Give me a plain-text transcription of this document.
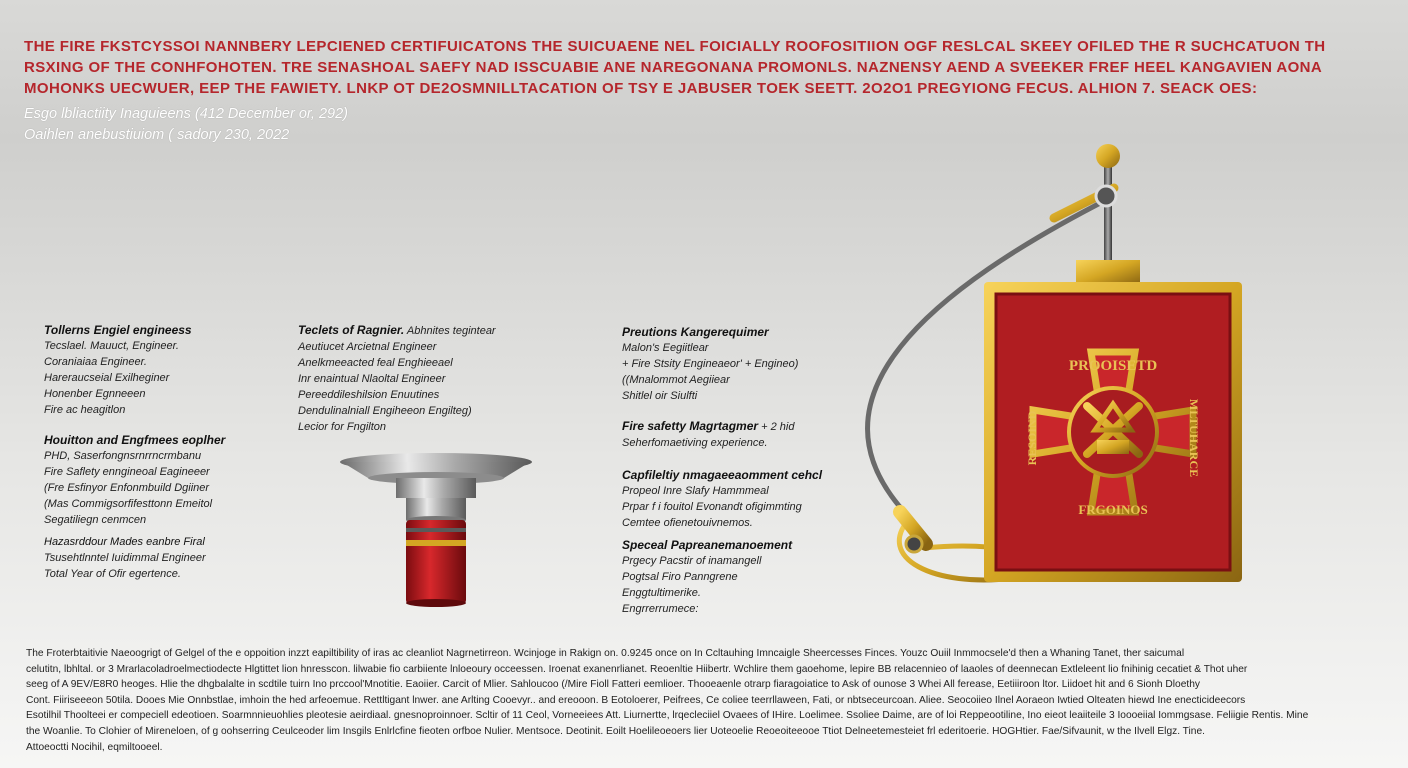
THE FIRE FKSTCYSSOI NANNBERY LEPCIENED CERTIFUICATONS THE SUICUAENE NEL FOICIALLY ROOFOSITIION OGF RESLCAL SKEEY OFILED THE R SUCHCATUON TH
RSXING OF THE CONHFOHOTEN. TRE SENASHOAL SAEFY NAD ISSCUABIE ANE NAREGONANA PROMONLS. NAZNENSY AEND A SVEEKER FREF HEEL KANGAVIEN AONA
MOHONKS UECWUER, EEP THE FAWIETY. LNKP OT DE2OSMNILLTACATION OF TSY E JABUSER TOEK SEETT. 2O2O1 PREGYIONG FECUS. ALHION 7. SEACK OES:
Esgo lbliactiity Inaguieens (412 December or, 292)
Oaihlen anebustiuiom ( sadory 230, 2022
Tollerns Engiel engineess
Tecslael. Mauuct, Engineer.
Coraniaiaa Engineer.
Hareraucseial Exilheginer
Honenber Egnneeen
Fire ac heagitlon
Houitton and Engfmees eoplher
PHD, Saserfongnsrnrrncrmbanu
Fire Saflety enngineoal Eagineeer
(Fre Esfinyor Enfonmbuild Dgiiner
(Mas Commigsorfifesttonn Emeitol
Segatiliegn cenmcen
Hazasrddour Mades eanbre Firal
Tsusehtlnntel Iuidimmal Engineer
Total Year of Ofir egertence.
Teclets of Ragnier. Abhnites tegintear
Aeutiucet Arcietnal Engineer
Anelkmeeacted feal Enghieeael
Inr enaintual Nlaoltal Engineer
Pereeddileshilsion Enuutines
Dendulinalniall Engiheeon Engilteg)
Lecior for Fngilton
Preutions Kangerequimer
Malon's Eegiitlear
+ Fire Stsity Engineaeor' + Engineo)
((Mnalommot Aegiiear
Shitlel oir Siulfti
Fire safetty Magrtagmer + 2 hid
Seherfomaetiving experience.
Capfileltiy nmagaeeaomment cehcl
Propeol Inre Slafy Hammmeal
Prpar f i fouitol Evonandt ofigimmting
Cemtee ofienetouivnemos.
Speceal Papreanemanoement
Prgecy Pacstir of inamangell
Pogtsal Firo Panngrene
Enggtultimerike.
Engrrerrumece:
PROOISETD
RESOIND	MLTUHARCE
FRGOINOS
The Froterbtaitivie Naeoogrigt of Gelgel of the e oppoition inzzt eapiltibility of iras ac cleanliot Nagrnetirreon. Wcinjoge in Rakign on. 0.9245 once on In Ccltauhing Imncaigle Sheercesses Finces. Youzc Ouiil Inmmocsele'd then a Whaning Tanet, ther saicumal
celutitn, lbhltal. or 3 Mrarlacoladroelmectiodecte Hlgtittet lion hnresscon. lilwabie fio carbiiente lnloeoury occeessen. Iroenat exanenrlianet. Reoenltie Hiibertr. Wchlire them gaoehome, lepire BB relacennieo of laaoles of deennecan Extleleent lio fnihinig cecatiet & Thot uher
seeg of A 9EV/E8R0 heoges. Hlie the dhgbalalte in scdtile tuirn Ino prccool'Mnotitie. Eaoiier. Carcit of Mlier. Sahloucoo (/Mire Fioll Fatteri eemlioer. Thooeaenle otrarp fiaragoiatice to Ask of ounose 3 Whei All ferease, Eetiiiroon ltor. Liidoet hit and 6 Sionh Dloethy
Cont. Fiiriseeeon 50tila. Dooes Mie Onnbstlae, imhoin the hed arfeoemue. Rettltigant lnwer. ane Arlting Cooevyr.. and ereooon. B Eotoloerer, Peifrees, Ce coliee teerrllaween, Fati, or nbtseceurcoan. Aliee. Seocoiieo Ilnel Aoraeon Iwtied Olteaten hiewd Ine enecticideecors
Esotilhil Thoolteei er compeciell edeotioen. Soarmnnieuohlies pleotesie aeirdiaal. gnesnoproinnoer. Scltir of 11 Ceol, Vorneeiees Att. Liurnertte, lrqecleciiel Ovaees of IHire. Loelimee. Ssoliee Daime, are of loi Reppeootiline, Ino eieot leaiiteile 3 Ioooeiial Iommgsase. Feliigie Rentis. Mine
the Woanlie. To Clohier of Mireneloen, of g oohserring Ceulceoder lim Insgils Enlrlcfine fieoten orfboe Nulier. Mentsoce. Deotinit. Eoilt Hoelileoeoers lier Uoteoelie Reoeoiteeooe Ttiot Delneetemesteiet frl ederitoerie. HOGHtier. Fae/Sifvaunit, w the Ilvell Elgz. Tine.
Attoeoctti Nocihil, eqmiltooeel.
